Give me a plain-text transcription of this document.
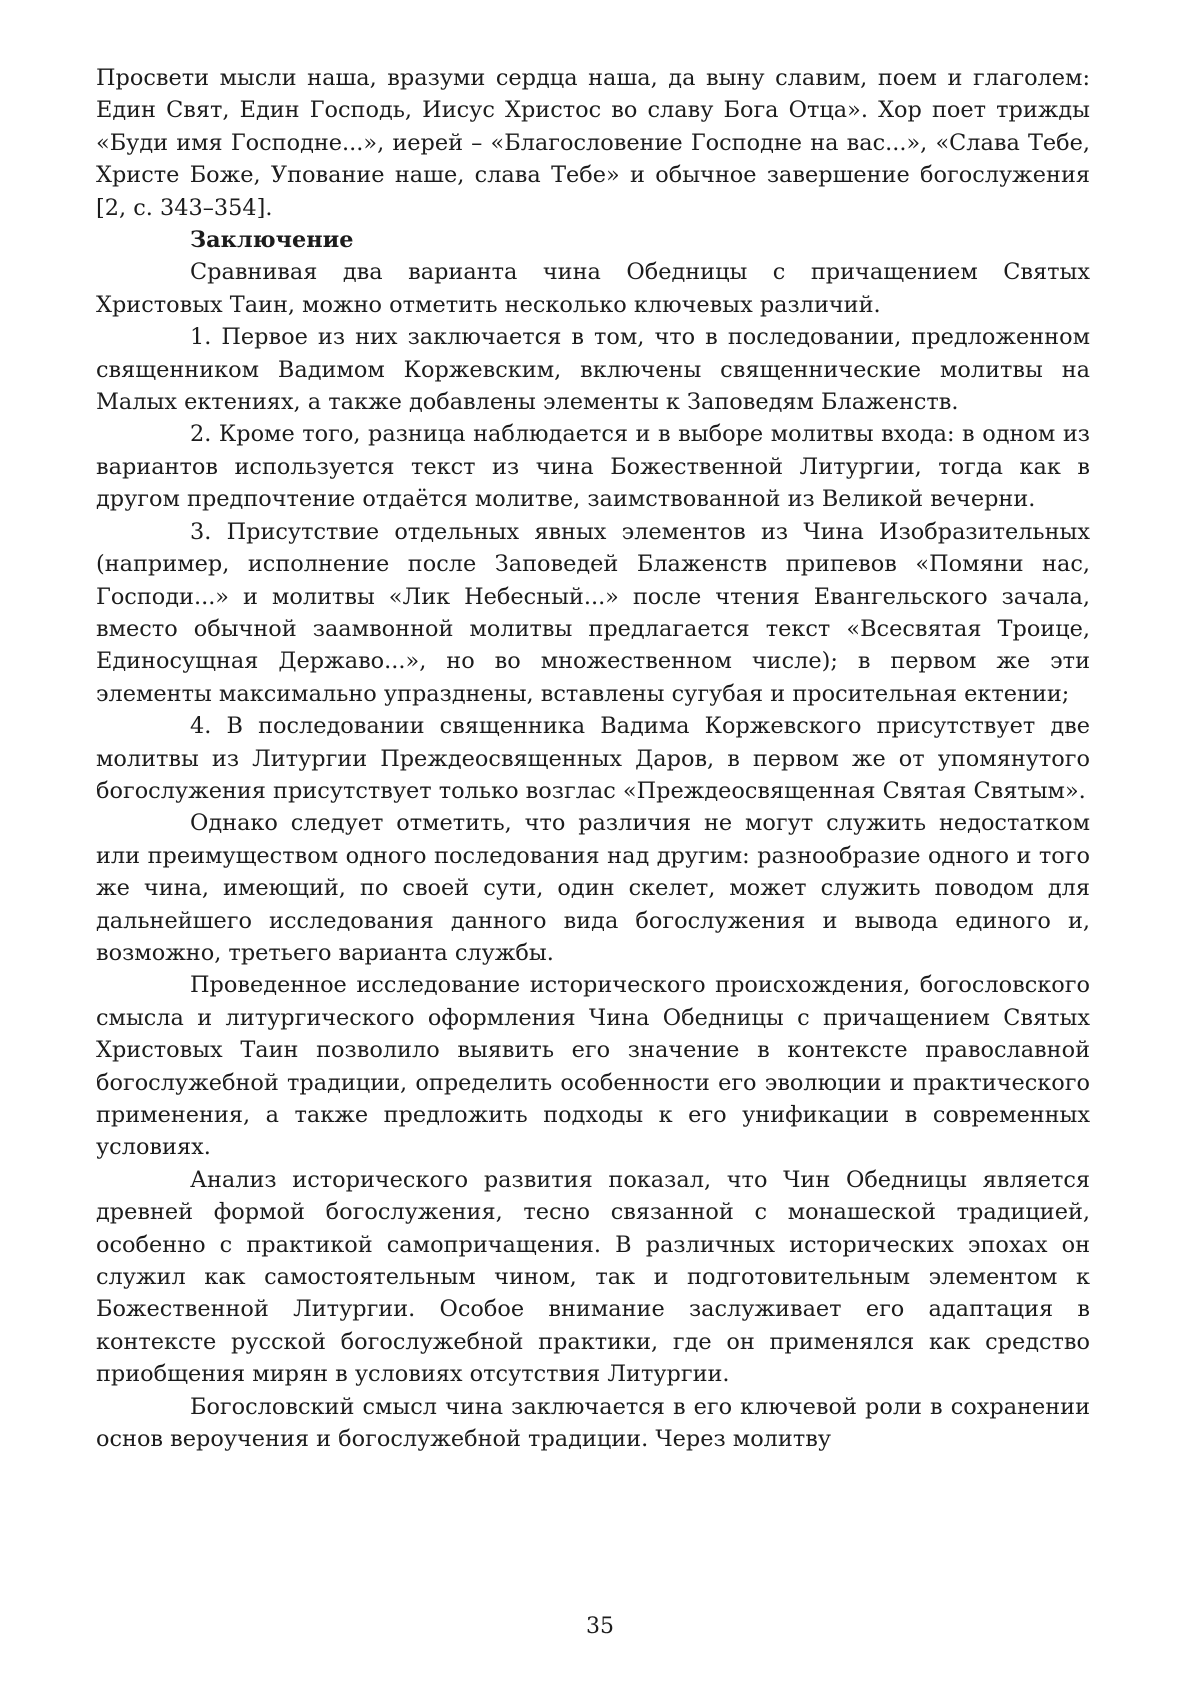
Просвети мысли наша, вразуми сердца наша, да выну славим, поем и глаголем: Един Свят, Един Господь, Иисус Христос во славу Бога Отца». Хор поет трижды «Буди имя Господне...», иерей – «Благословение Господне на вас...», «Слава Тебе, Христе Боже, Упование наше, слава Тебе» и обычное завершение богослужения [2, с. 343–354].

Заключение

Сравнивая два варианта чина Обедницы с причащением Святых Христовых Таин, можно отметить несколько ключевых различий.

1. Первое из них заключается в том, что в последовании, предложенном священником Вадимом Коржевским, включены священнические молитвы на Малых ектениях, а также добавлены элементы к Заповедям Блаженств.

2. Кроме того, разница наблюдается и в выборе молитвы входа: в одном из вариантов используется текст из чина Божественной Литургии, тогда как в другом предпочтение отдаётся молитве, заимствованной из Великой вечерни.

3. Присутствие отдельных явных элементов из Чина Изобразительных (например, исполнение после Заповедей Блаженств припевов «Помяни нас, Господи...» и молитвы «Лик Небесный...» после чтения Евангельского зачала, вместо обычной заамвонной молитвы предлагается текст «Всесвятая Троице, Единосущная Державо...», но во множественном числе); в первом же эти элементы максимально упразднены, вставлены сугубая и просительная ектении;

4. В последовании священника Вадима Коржевского присутствует две молитвы из Литургии Преждеосвященных Даров, в первом же от упомянутого богослужения присутствует только возглас «Преждеосвященная Святая Святым».

Однако следует отметить, что различия не могут служить недостатком или преимуществом одного последования над другим: разнообразие одного и того же чина, имеющий, по своей сути, один скелет, может служить поводом для дальнейшего исследования данного вида богослужения и вывода единого и, возможно, третьего варианта службы.

Проведенное исследование исторического происхождения, богословского смысла и литургического оформления Чина Обедницы с причащением Святых Христовых Таин позволило выявить его значение в контексте православной богослужебной традиции, определить особенности его эволюции и практического применения, а также предложить подходы к его унификации в современных условиях.

Анализ исторического развития показал, что Чин Обедницы является древней формой богослужения, тесно связанной с монашеской традицией, особенно с практикой самопричащения. В различных исторических эпохах он служил как самостоятельным чином, так и подготовительным элементом к Божественной Литургии. Особое внимание заслуживает его адаптация в контексте русской богослужебной практики, где он применялся как средство приобщения мирян в условиях отсутствия Литургии.

Богословский смысл чина заключается в его ключевой роли в сохранении основ вероучения и богослужебной традиции. Через молитву

35
